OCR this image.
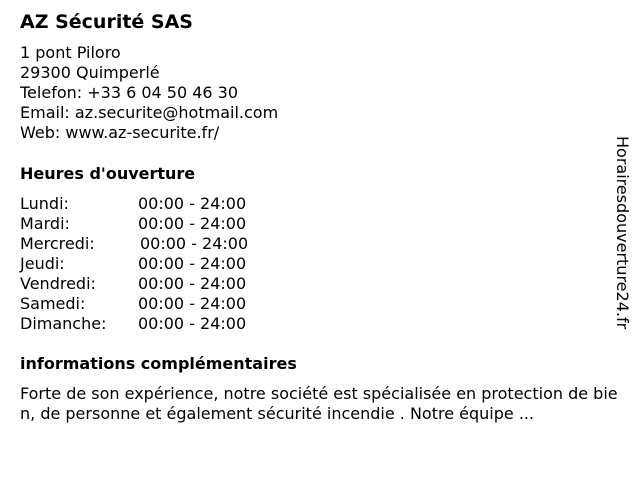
AZ Sécurité SAS
1 pont Piloro
29300 Quimperlé
Telefon: +33 6 04 50 46 30
Email: az.securite@hotmail.com
Web: www.az-securite.fr/
Heures d'ouverture
Lundi:	00:00 - 24:00
Mardi:	00:00 - 24:00
Mercredi:	00:00 - 24:00
Jeudi:	00:00 - 24:00
Vendredi:	00:00 - 24:00
Samedi:	00:00 - 24:00
Dimanche: 00:00 - 24:00
informations complémentaires
Forte de son expérience, notre société est spécialisée en protection de bien, de personne et également sécurité incendie . Notre équipe ...
Horairesdouverture24.fr
